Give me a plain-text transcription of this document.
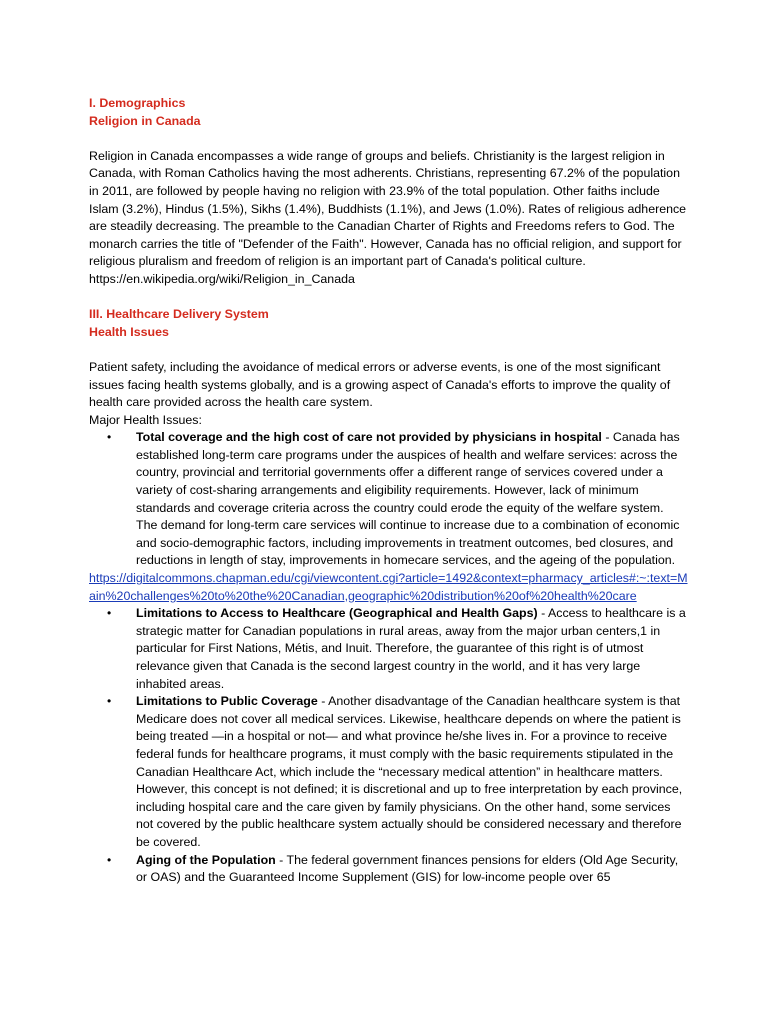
I. Demographics

Religion in Canada

Religion in Canada encompasses a wide range of groups and beliefs. Christianity is the largest religion in Canada, with Roman Catholics having the most adherents. Christians, representing 67.2% of the population in 2011, are followed by people having no religion with 23.9% of the total population. Other faiths include Islam (3.2%), Hindus (1.5%), Sikhs (1.4%), Buddhists (1.1%), and Jews (1.0%). Rates of religious adherence are steadily decreasing. The preamble to the Canadian Charter of Rights and Freedoms refers to God. The monarch carries the title of "Defender of the Faith". However, Canada has no official religion, and support for religious pluralism and freedom of religion is an important part of Canada's political culture.

https://en.wikipedia.org/wiki/Religion_in_Canada

III. Healthcare Delivery System

Health Issues

Patient safety, including the avoidance of medical errors or adverse events, is one of the most significant issues facing health systems globally, and is a growing aspect of Canada's efforts to improve the quality of health care provided across the health care system.

Major Health Issues:

• Total coverage and the high cost of care not provided by physicians in hospital - Canada has established long-term care programs under the auspices of health and welfare services: across the country, provincial and territorial governments offer a different range of services covered under a variety of cost-sharing arrangements and eligibility requirements. However, lack of minimum standards and coverage criteria across the country could erode the equity of the welfare system. The demand for long-term care services will continue to increase due to a combination of economic and socio-demographic factors, including improvements in treatment outcomes, bed closures, and reductions in length of stay, improvements in homecare services, and the ageing of the population.
https://digitalcommons.chapman.edu/cgi/viewcontent.cgi?article=1492&context=pharmacy_articles#:~:text=Main%20challenges%20to%20the%20Canadian,geographic%20distribution%20of%20health%20care
• Limitations to Access to Healthcare (Geographical and Health Gaps) - Access to healthcare is a strategic matter for Canadian populations in rural areas, away from the major urban centers,1 in particular for First Nations, Métis, and Inuit. Therefore, the guarantee of this right is of utmost relevance given that Canada is the second largest country in the world, and it has very large inhabited areas.
• Limitations to Public Coverage - Another disadvantage of the Canadian healthcare system is that Medicare does not cover all medical services. Likewise, healthcare depends on where the patient is being treated —in a hospital or not— and what province he/she lives in. For a province to receive federal funds for healthcare programs, it must comply with the basic requirements stipulated in the Canadian Healthcare Act, which include the “necessary medical attention” in healthcare matters. However, this concept is not defined; it is discretional and up to free interpretation by each province, including hospital care and the care given by family physicians. On the other hand, some services not covered by the public healthcare system actually should be considered necessary and therefore be covered.
• Aging of the Population - The federal government finances pensions for elders (Old Age Security, or OAS) and the Guaranteed Income Supplement (GIS) for low-income people over 65
